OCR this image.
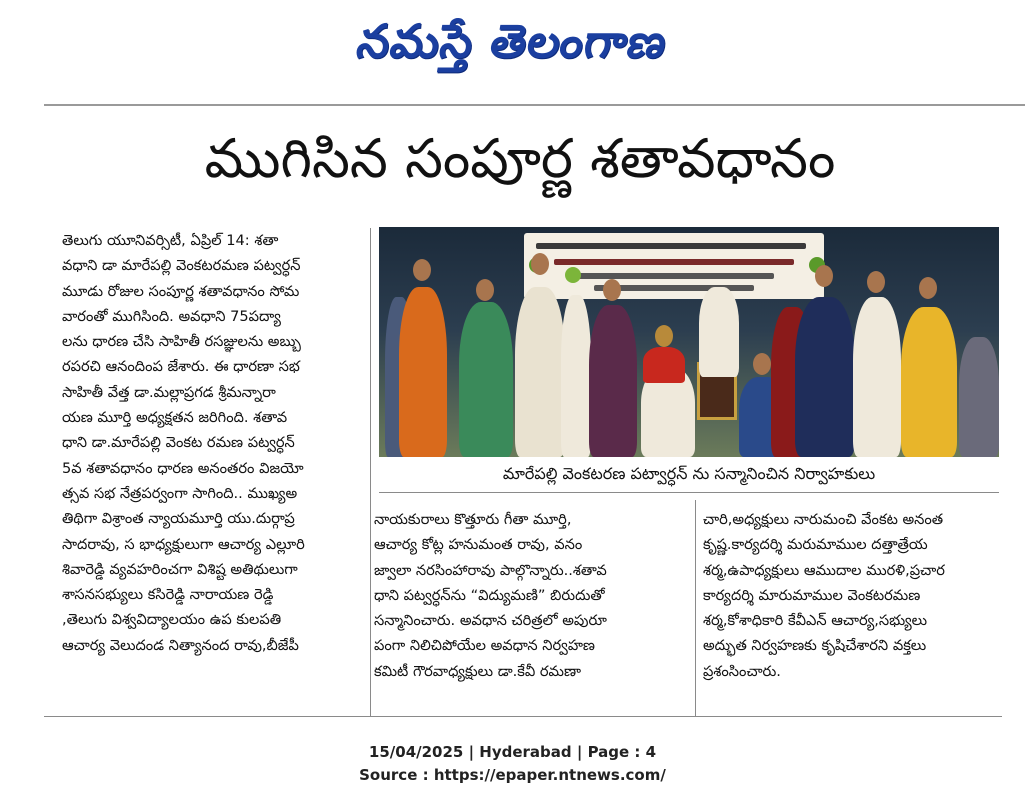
నమస్తే తెలంగాణ
ముగిసిన సంపూర్ణ శతావధానం
తెలుగు యూనివర్సిటీ, ఏప్రిల్ 14: శతా
వధాని డా మారేపల్లి వెంకటరమణ పట్వర్ధన్
మూడు రోజుల సంపూర్ణ శతావధానం సోమ
వారంతో ముగిసింది. అవధాని 75పద్యా
లను ధారణ చేసి సాహితీ రసజ్ఞులను అబ్బు
రపరచి ఆనందింప జేశారు. ఈ ధారణా సభ
సాహితీ వేత్త డా.మల్లాప్రగడ శ్రీమన్నారా
యణ మూర్తి అధ్యక్షతన జరిగింది. శతావ
ధాని డా.మారేపల్లి వెంకట రమణ పట్వర్ధన్
5వ శతావధానం ధారణ అనంతరం విజయో
త్సవ సభ నేత్రపర్వంగా సాగింది.. ముఖ్యఅ
తిథిగా విశ్రాంత న్యాయమూర్తి యు.దుర్గాప్ర
సాదరావు, స భాధ్యక్షులుగా ఆచార్య ఎల్లూరి
శివారెడ్డి వ్యవహరించగా విశిష్ట అతిథులుగా
శాసనసభ్యులు కసిరెడ్డి నారాయణ రెడ్డి
,తెలుగు విశ్వవిద్యాలయం ఉప కులపతి
ఆచార్య వెలుదండ నిత్యానంద రావు,బీజేపీ
మారేపల్లి వెంకటరణ పట్వార్ధన్ ను సన్మానించిన నిర్వాహకులు
నాయకురాలు కొత్తూరు గీతా మూర్తి,
ఆచార్య కోట్ల హనుమంత రావు, వనం
జ్వాలా నరసింహారావు పాల్గొన్నారు..శతావ
ధాని పట్వర్ధన్‌ను “విద్యుమణి” బిరుదుతో
సన్మానించారు. అవధాన చరిత్రలో అపురూ
పంగా నిలిచిపోయేల అవధాన నిర్వహణ
కమిటీ గౌరవాధ్యక్షులు డా.కేవీ రమణా
చారి,అధ్యక్షులు నారుమంచి వేంకట అనంత
కృష్ణ.కార్యదర్శి మరుమాముల దత్తాత్రేయ
శర్మ,ఉపాధ్యక్షులు ఆముదాల మురళి,ప్రచార
కార్యదర్శి మారుమాముల వెంకటరమణ
శర్మ,కోశాధికారి కేవీఎన్ ఆచార్య,సభ్యులు
అద్భుత నిర్వహణకు కృషిచేశారని వక్తలు
ప్రశంసించారు.
15/04/2025 | Hyderabad | Page : 4
Source : https://epaper.ntnews.com/
